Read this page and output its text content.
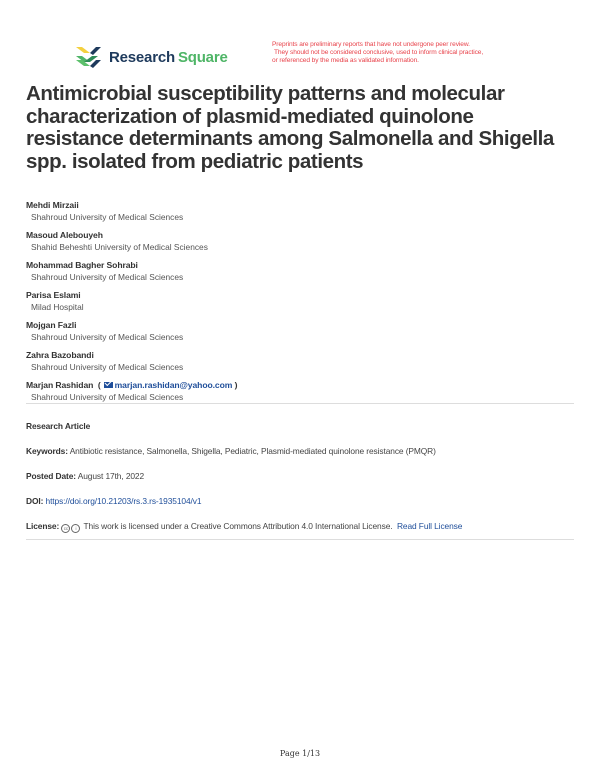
Research Square
Preprints are preliminary reports that have not undergone peer review.
They should not be considered conclusive, used to inform clinical practice,
or referenced by the media as validated information.
Antimicrobial susceptibility patterns and molecular characterization of plasmid-mediated quinolone resistance determinants among Salmonella and Shigella spp. isolated from pediatric patients
Mehdi Mirzaii
Shahroud University of Medical Sciences
Masoud Alebouyeh
Shahid Beheshti University of Medical Sciences
Mohammad Bagher Sohrabi
Shahroud University of Medical Sciences
Parisa Eslami
Milad Hospital
Mojgan Fazli
Shahroud University of Medical Sciences
Zahra Bazobandi
Shahroud University of Medical Sciences
Marjan Rashidan  ( marjan.rashidan@yahoo.com )
Shahroud University of Medical Sciences
Research Article
Keywords: Antibiotic resistance, Salmonella, Shigella, Pediatric, Plasmid-mediated quinolone resistance (PMQR)
Posted Date: August 17th, 2022
DOI: https://doi.org/10.21203/rs.3.rs-1935104/v1
License: cc i This work is licensed under a Creative Commons Attribution 4.0 International License. Read Full License
Page 1/13
